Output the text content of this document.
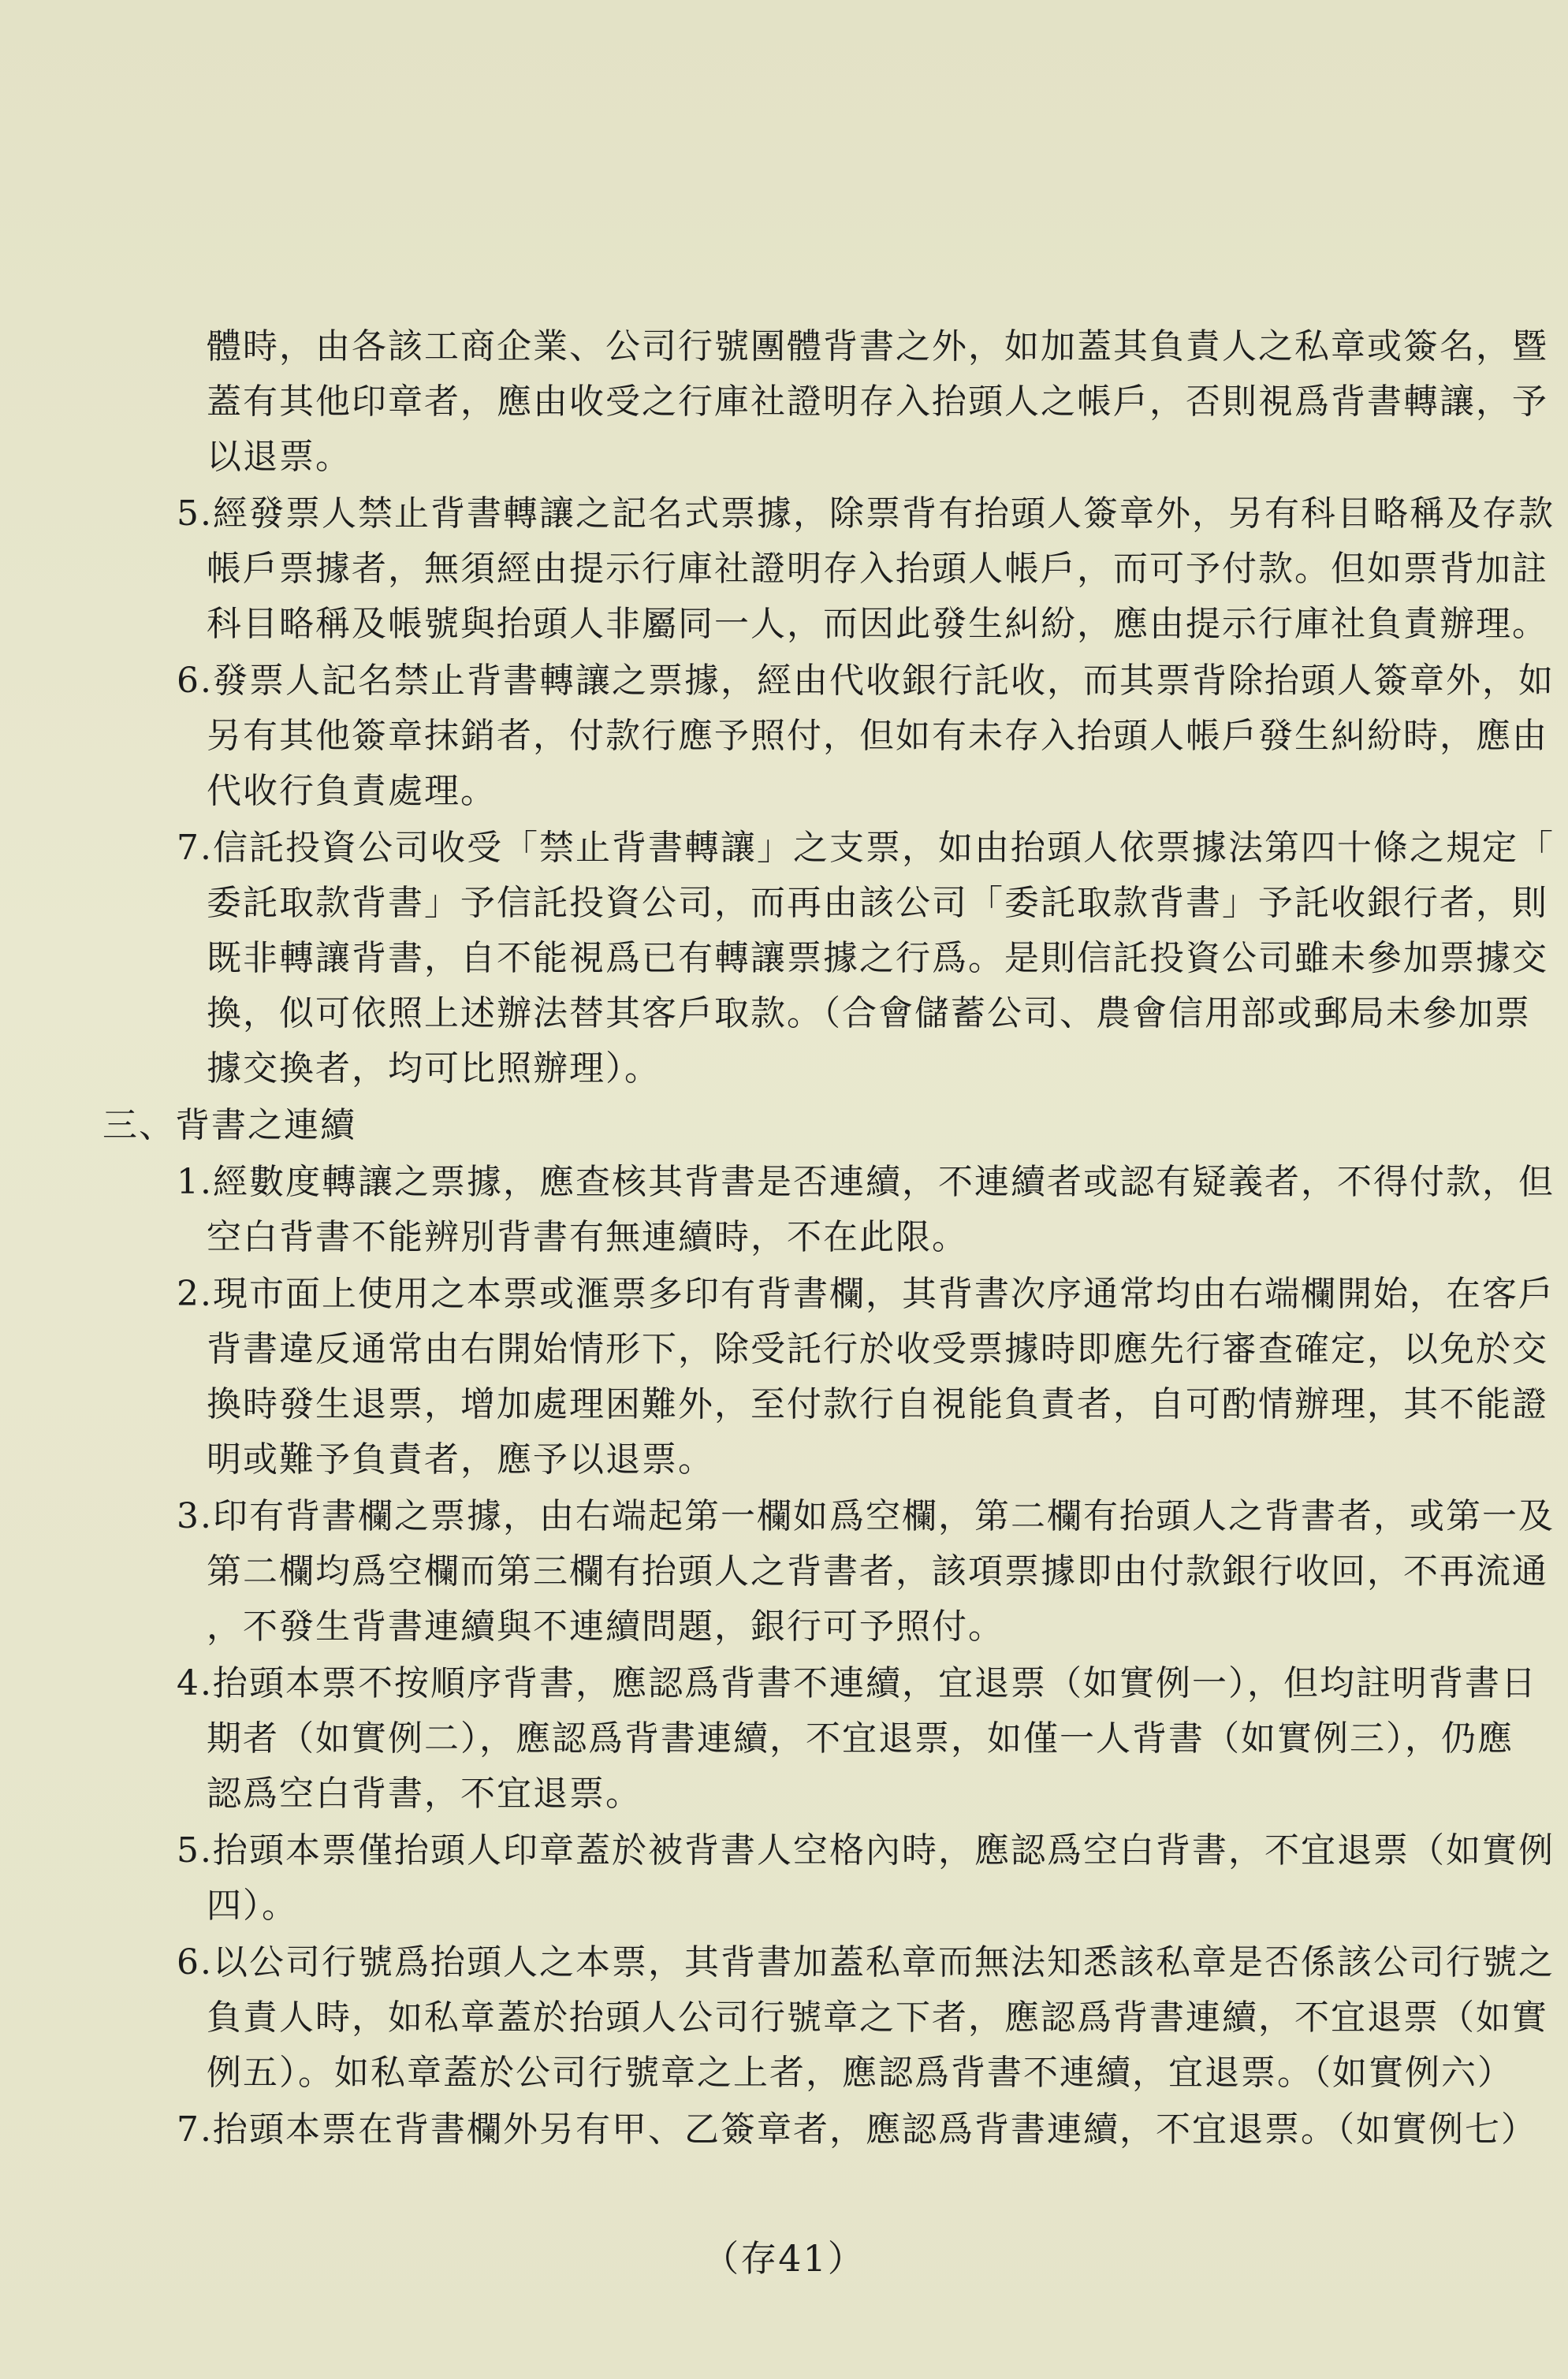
體時，由各該工商企業、公司行號團體背書之外，如加蓋其負責人之私章或簽名，暨
蓋有其他印章者，應由收受之行庫社證明存入抬頭人之帳戶，否則視爲背書轉讓，予
以退票。
5.經發票人禁止背書轉讓之記名式票據，除票背有抬頭人簽章外，另有科目略稱及存款
帳戶票據者，無須經由提示行庫社證明存入抬頭人帳戶，而可予付款。但如票背加註
科目略稱及帳號與抬頭人非屬同一人，而因此發生糾紛，應由提示行庫社負責辦理。
6.發票人記名禁止背書轉讓之票據，經由代收銀行託收，而其票背除抬頭人簽章外，如
另有其他簽章抹銷者，付款行應予照付，但如有未存入抬頭人帳戶發生糾紛時，應由
代收行負責處理。
7.信託投資公司收受「禁止背書轉讓」之支票，如由抬頭人依票據法第四十條之規定「
委託取款背書」予信託投資公司，而再由該公司「委託取款背書」予託收銀行者，則
既非轉讓背書，自不能視爲已有轉讓票據之行爲。是則信託投資公司雖未參加票據交
換，似可依照上述辦法替其客戶取款。（合會儲蓄公司、農會信用部或郵局未參加票
據交換者，均可比照辦理）。
三、背書之連續
1.經數度轉讓之票據，應查核其背書是否連續，不連續者或認有疑義者，不得付款，但
空白背書不能辨別背書有無連續時，不在此限。
2.現市面上使用之本票或滙票多印有背書欄，其背書次序通常均由右端欄開始，在客戶
背書違反通常由右開始情形下，除受託行於收受票據時即應先行審查確定，以免於交
換時發生退票，增加處理困難外，至付款行自視能負責者，自可酌情辦理，其不能證
明或難予負責者，應予以退票。
3.印有背書欄之票據，由右端起第一欄如爲空欄，第二欄有抬頭人之背書者，或第一及
第二欄均爲空欄而第三欄有抬頭人之背書者，該項票據即由付款銀行收回，不再流通
，不發生背書連續與不連續問題，銀行可予照付。
4.抬頭本票不按順序背書，應認爲背書不連續，宜退票（如實例一），但均註明背書日
期者（如實例二），應認爲背書連續，不宜退票，如僅一人背書（如實例三），仍應
認爲空白背書，不宜退票。
5.抬頭本票僅抬頭人印章蓋於被背書人空格內時，應認爲空白背書，不宜退票（如實例
四）。
6.以公司行號爲抬頭人之本票，其背書加蓋私章而無法知悉該私章是否係該公司行號之
負責人時，如私章蓋於抬頭人公司行號章之下者，應認爲背書連續，不宜退票（如實
例五）。如私章蓋於公司行號章之上者，應認爲背書不連續，宜退票。（如實例六）
7.抬頭本票在背書欄外另有甲、乙簽章者，應認爲背書連續，不宜退票。（如實例七）
（存41）
